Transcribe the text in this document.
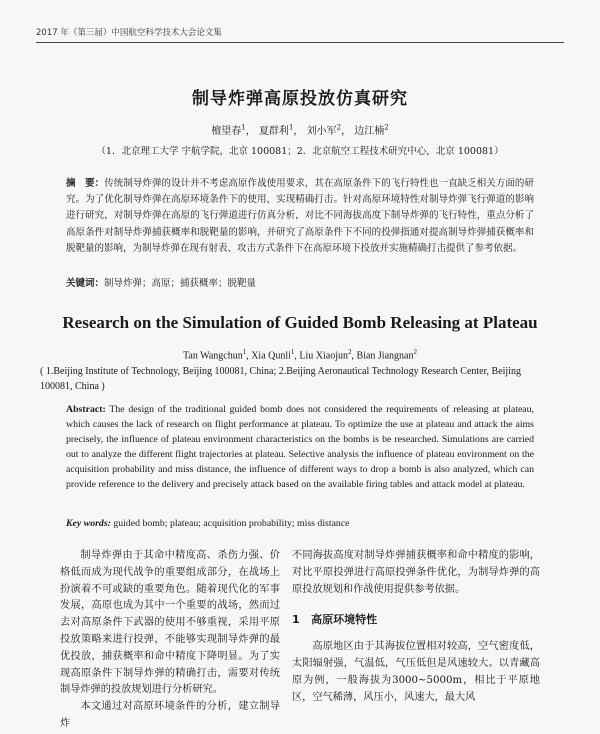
2017 年（第三届）中国航空科学技术大会论文集
制导炸弹高原投放仿真研究
檀望春$^1$， 夏群利$^1$， 刘小军$^2$， 边江楠$^2$
（1．北京理工大学 宇航学院，北京 100081；2．北京航空工程技术研究中心，北京 100081）
摘　要：传统制导炸弹的设计并不考虑高原作战使用要求，其在高原条件下的飞行特性也一直缺乏相关方面的研究。为了优化制导炸弹在高原环境条件下的使用，实现精确打击。针对高原环境特性对制导炸弹飞行弹道的影响进行研究，对制导炸弹在高原的飞行弹道进行仿真分析，对比不同海拔高度下制导炸弹的飞行特性，重点分析了高原条件对制导炸弹捕获概率和脱靶量的影响，并研究了高原条件下不同的投弹指通对提高制导炸弹捕获概率和脱靶量的影响，为制导炸弹在现有射表、攻击方式条件下在高原环境下投放并实施精确打击提供了参考依据。
关键词：制导炸弹；高原；捕获概率；脱靶量
Research on the Simulation of Guided Bomb Releasing at Plateau
Tan Wangchun$^1$, Xia Qunli$^1$, Liu Xiaojun$^2$, Bian Jiangnan$^2$
( 1.Beijing Institute of Technology, Beijing 100081, China; 2.Beijing Aeronautical Technology Research Center, Beijing 100081, China )
Abstract: The design of the traditional guided bomb does not considered the requirements of releasing at plateau, which causes the lack of research on flight performance at plateau. To optimize the use at plateau and attack the aims precisely, the influence of plateau environment characteristics on the bombs is be researched. Simulations are carried out to analyze the different flight trajectories at plateau. Selective analysis the influence of plateau environment on the acquisition probability and miss distance, the influence of different ways to drop a bomb is also analyzed, which can provide reference to the delivery and precisely attack based on the available firing tables and attack model at plateau.
Key words: guided bomb; plateau; acquisition probability; miss distance

制导炸弹由于其命中精度高、杀伤力强、价格低而成为现代战争的重要组成部分，在战场上扮演着不可或缺的重要角色。随着现代化的军事发展，高原也成为其中一个重要的战场，然而过去对高原条件下武器的使用不够重视，采用平原投放策略来进行投弹，不能够实现制导炸弹的最优投放，捕获概率和命中精度下降明显。为了实现高原条件下制导炸弹的精确打击，需要对传统制导炸弹的投放规划进行分析研究。

本文通过对高原环境条件的分析，建立制导炸

不同海拔高度对制导炸弹捕获概率和命中精度的影响，对比平原投弹进行高原投弹条件优化，为制导炸弹的高原投放规划和作战使用提供参考依据。

1 高原环境特性

高原地区由于其海拔位置相对较高，空气密度低，太阳辐射强，气温低，气压低但是风速较大。以青藏高原为例，一般海拔为3000~5000m，相比于平原地区，空气稀薄，风压小，风速大，最大风
